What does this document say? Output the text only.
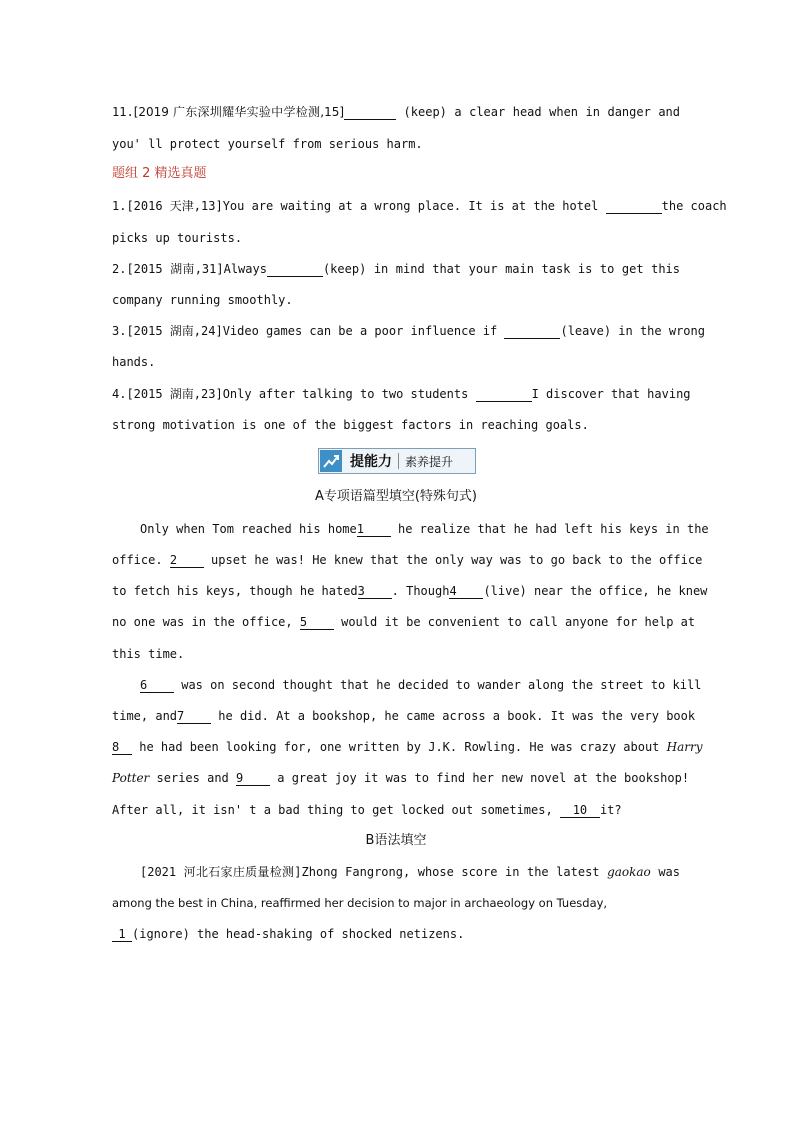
11.[2019 广东深圳耀华实验中学检测,15]	(keep) a clear head when in danger and
you' ll protect yourself from serious harm.
题组 2 精选真题
1.[2016 天津,13]You are waiting at a wrong place. It is at the hotel	the coach
picks up tourists.
2.[2015 湖南,31]Always	(keep) in mind that your main task is to get this
company running smoothly.
3.[2015 湖南,24]Video games can be a poor influence if	(leave) in the wrong
hands.
4.[2015 湖南,23]Only after talking to two students	I discover that having
strong motivation is one of the biggest factors in reaching goals.
提能力 素养提升
A专项语篇型填空(特殊句式)
Only when Tom reached his home1	he realize that he had left his keys in the
office. 2	upset he was! He knew that the only way was to go back to the office
to fetch his keys, though he hated3 . Though4 (live) near the office, he knew
no one was in the office, 5	would it be convenient to call anyone for help at
this time.
6	was on second thought that he decided to wander along the street to kill
time, and7	he did. At a bookshop, he came across a book. It was the very book
8 he had been looking for, one written by J.K. Rowling. He was crazy about Harry
Potter series and 9	a great joy it was to find her new novel at the bookshop!
After all, it isn' t a bad thing to get locked out sometimes, 10 it?
B语法填空
[2021 河北石家庄质量检测]Zhong Fangrong, whose score in the latest gaokao was
among the best in China, reaffirmed her decision to major in archaeology on Tuesday,
1 (ignore) the head-shaking of shocked netizens.
